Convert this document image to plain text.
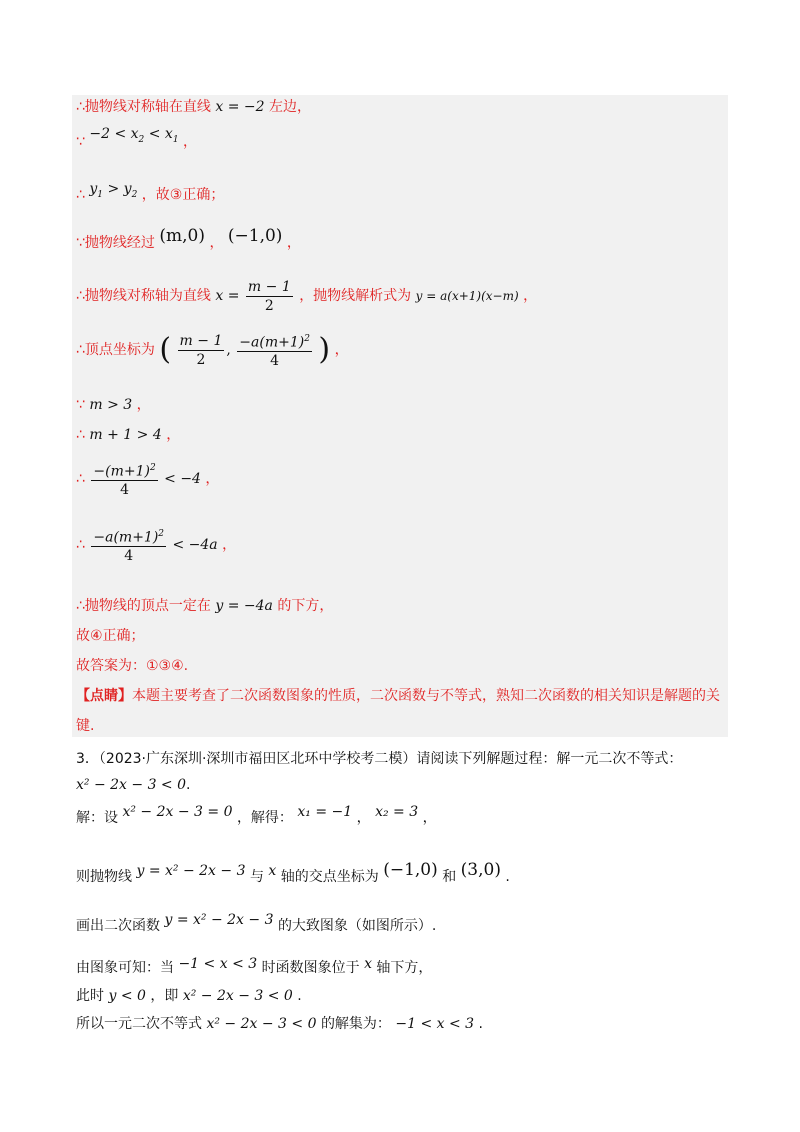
∴抛物线对称轴在直线 x = −2 左边，
∵ $-2 < x_2 < x_1$ ，
∴ $y_1 > y_2$ ，故③正确；
∵抛物线经过 (m,0) ， (−1,0) ，
∴抛物线对称轴为直线 $x = \frac{m - 1}{2}$ ，抛物线解析式为 y = a(x+1)(x−m) ，
∴顶点坐标为 ( $\frac{m - 1}{2}$ , $\frac{-a(m+1)^2}{4}$ ) ，
∵ m > 3 ，
∴ m + 1 > 4 ，
∴ $\frac{-(m+1)^2}{4} < -4$ ，
∴ $\frac{-a(m+1)^2}{4} < -4a$ ，
∴抛物线的顶点一定在 y = −4a 的下方，
故④正确；
故答案为：①③④.
【点睛】本题主要考查了二次函数图象的性质，二次函数与不等式，熟知二次函数的相关知识是解题的关
键.
3．（2023·广东深圳·深圳市福田区北环中学校考二模）请阅读下列解题过程：解一元二次不等式：
x² − 2x − 3 < 0.
解：设 x² − 2x − 3 = 0 ，解得： x₁ = −1 ， x₂ = 3 ，
则抛物线 y = x² − 2x − 3 与 x 轴的交点坐标为 (−1,0) 和 (3,0) .
画出二次函数 y = x² − 2x − 3 的大致图象（如图所示）.
由图象可知：当 −1 < x < 3 时函数图象位于 x 轴下方，
此时 y < 0 ，即 x² − 2x − 3 < 0 .
所以一元二次不等式 x² − 2x − 3 < 0 的解集为： −1 < x < 3 .
